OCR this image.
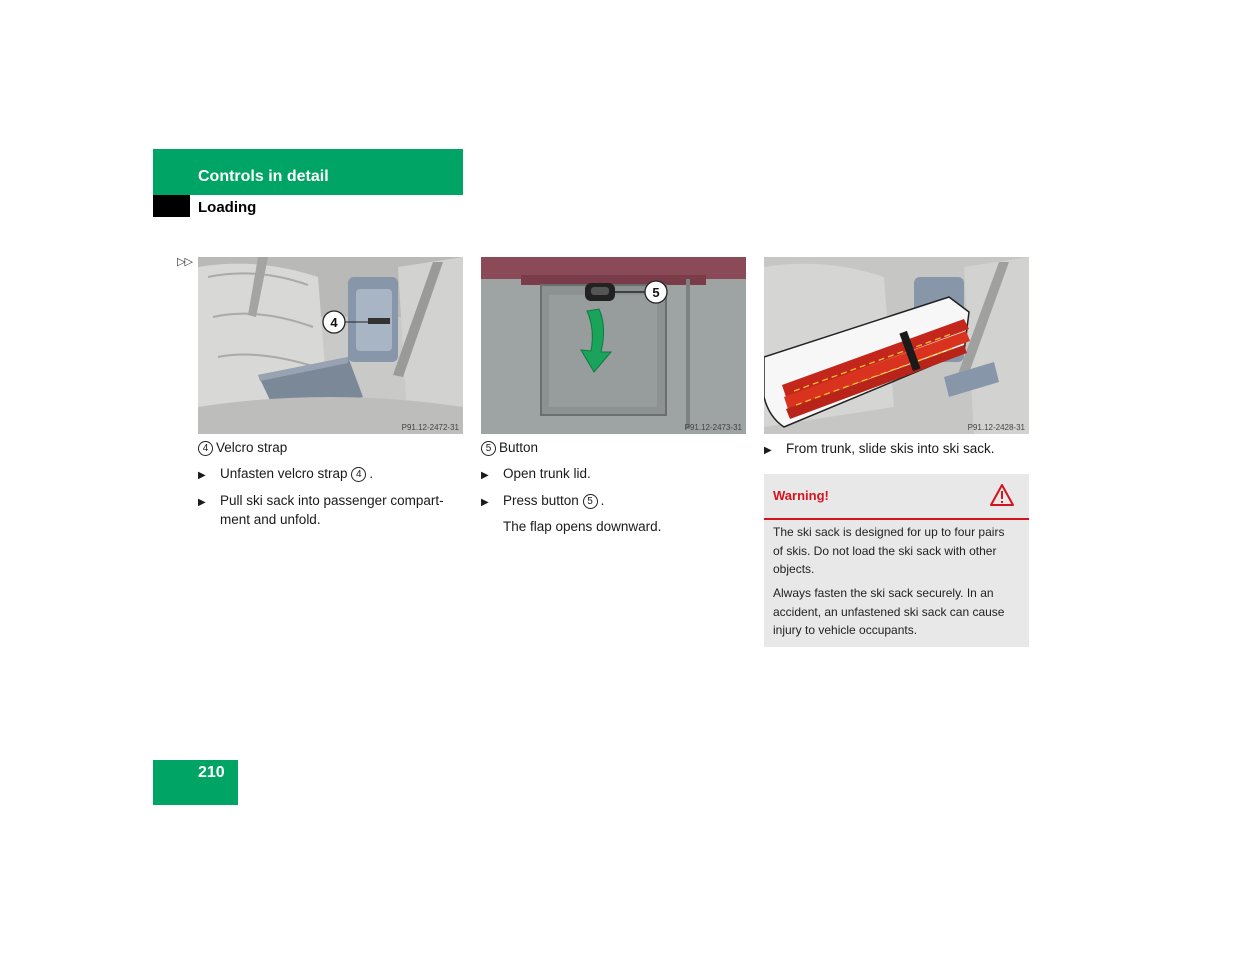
Controls in detail
Loading
▷▷
4
P91.12-2472-31
5
P91.12-2473-31	P91.12-2428-31
4 Velcro strap
▶ Unfasten velcro strap 4 .
▶ Pull ski sack into passenger compart-
ment and unfold.
5 Button
▶ Open trunk lid.
▶ Press button 5 .
The flap opens downward.
▶ From trunk, slide skis into ski sack.
Warning!
The ski sack is designed for up to four pairs
of skis. Do not load the ski sack with other
objects.
Always fasten the ski sack securely. In an
accident, an unfastened ski sack can cause
injury to vehicle occupants.
210
